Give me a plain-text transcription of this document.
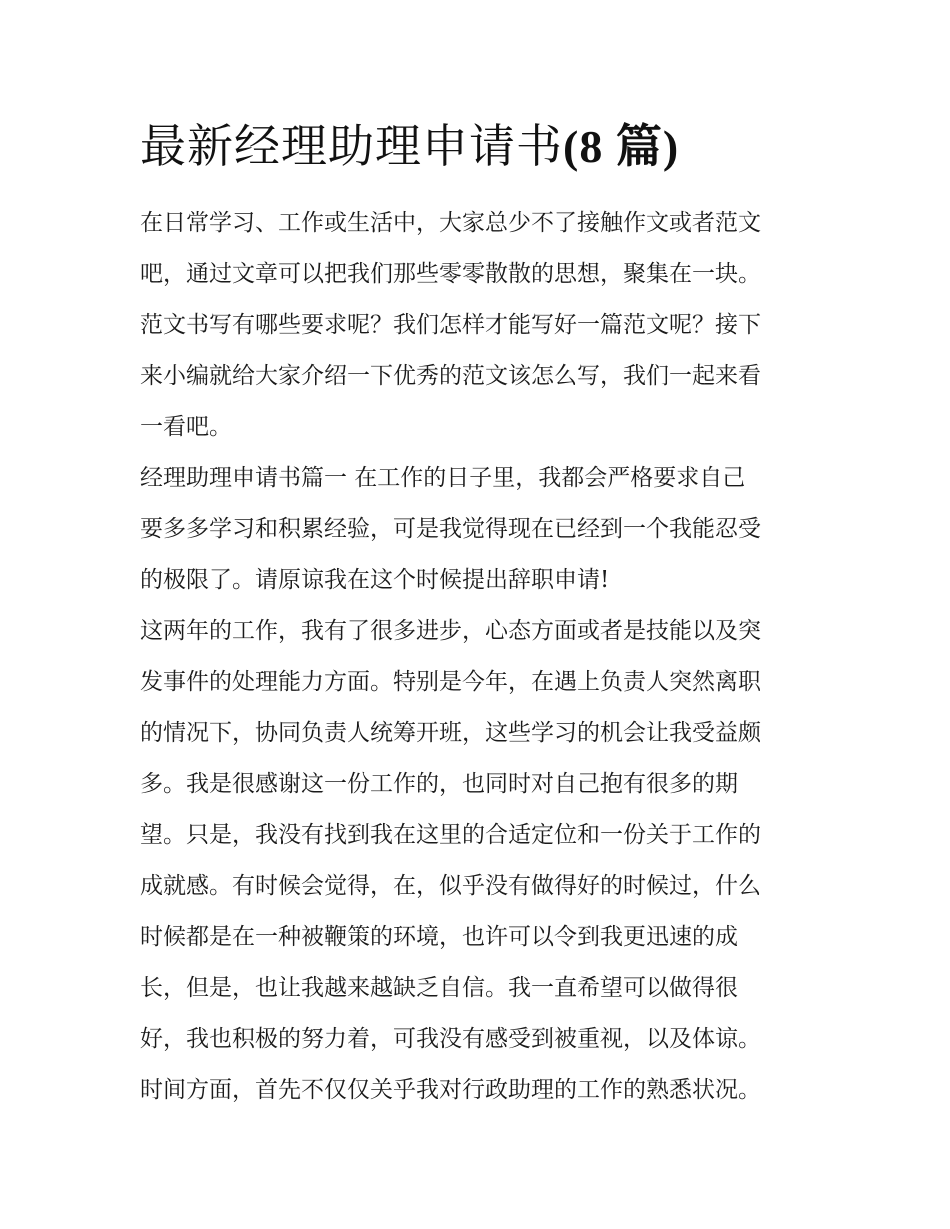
最新经理助理申请书(8 篇)

在日常学习、工作或生活中，大家总少不了接触作文或者范文

吧，通过文章可以把我们那些零零散散的思想，聚集在一块。

范文书写有哪些要求呢？我们怎样才能写好一篇范文呢？接下

来小编就给大家介绍一下优秀的范文该怎么写，我们一起来看

一看吧。

经理助理申请书篇一 在工作的日子里，我都会严格要求自己

要多多学习和积累经验，可是我觉得现在已经到一个我能忍受

的极限了。请原谅我在这个时候提出辞职申请!

这两年的工作，我有了很多进步，心态方面或者是技能以及突

发事件的处理能力方面。特别是今年，在遇上负责人突然离职

的情况下，协同负责人统筹开班，这些学习的机会让我受益颇

多。我是很感谢这一份工作的，也同时对自己抱有很多的期

望。只是，我没有找到我在这里的合适定位和一份关于工作的

成就感。有时候会觉得，在，似乎没有做得好的时候过，什么

时候都是在一种被鞭策的环境，也许可以令到我更迅速的成

长，但是，也让我越来越缺乏自信。我一直希望可以做得很

好，我也积极的努力着，可我没有感受到被重视，以及体谅。

时间方面，首先不仅仅关乎我对行政助理的工作的熟悉状况。
